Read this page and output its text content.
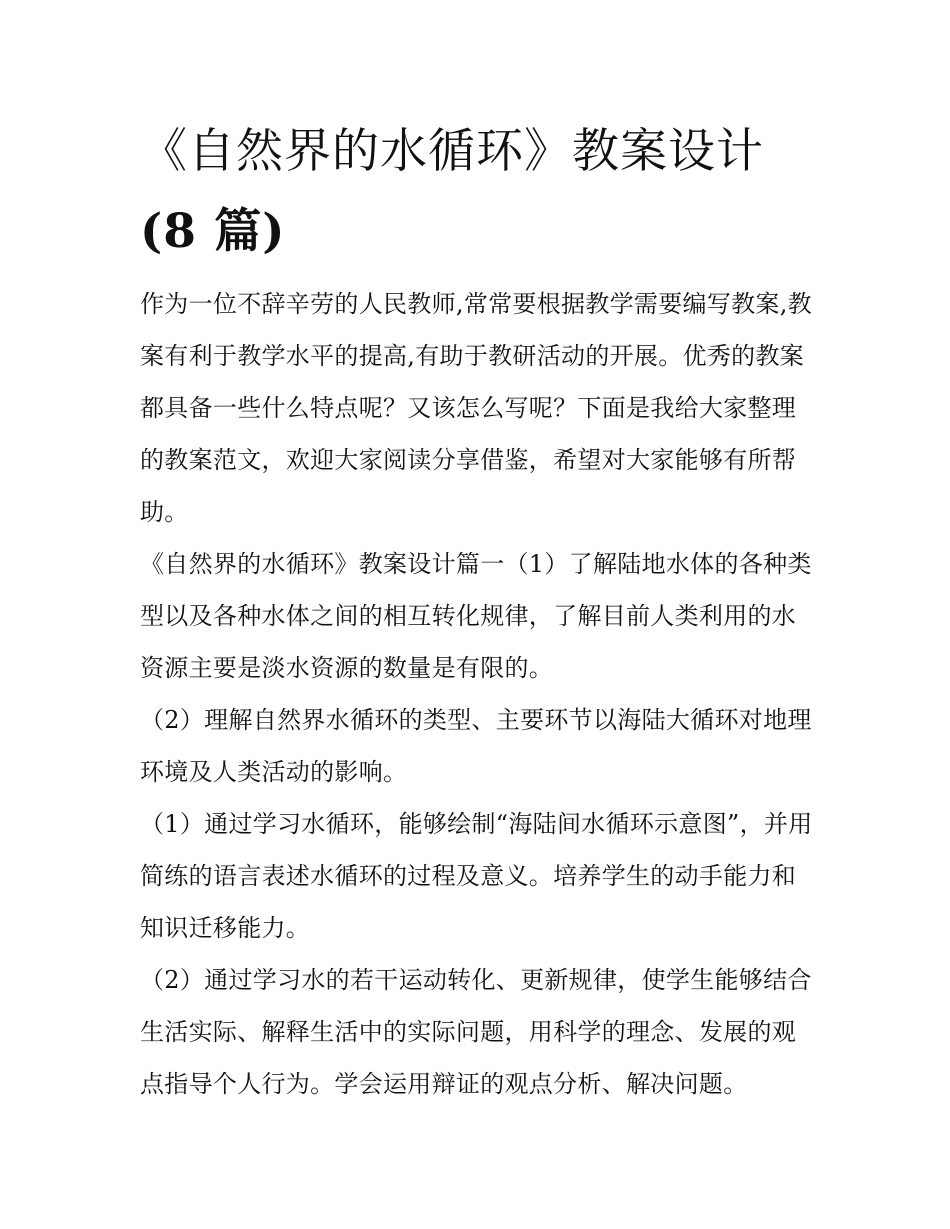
《自然界的水循环》教案设计
(8 篇)

作为一位不辞辛劳的人民教师,常常要根据教学需要编写教案,教案有利于教学水平的提高,有助于教研活动的开展。优秀的教案都具备一些什么特点呢？又该怎么写呢？下面是我给大家整理的教案范文，欢迎大家阅读分享借鉴，希望对大家能够有所帮助。

《自然界的水循环》教案设计篇一（1）了解陆地水体的各种类型以及各种水体之间的相互转化规律，了解目前人类利用的水资源主要是淡水资源的数量是有限的。

（2）理解自然界水循环的类型、主要环节以海陆大循环对地理环境及人类活动的影响。

（1）通过学习水循环，能够绘制“海陆间水循环示意图”，并用简练的语言表述水循环的过程及意义。培养学生的动手能力和知识迁移能力。

（2）通过学习水的若干运动转化、更新规律，使学生能够结合生活实际、解释生活中的实际问题，用科学的理念、发展的观点指导个人行为。学会运用辩证的观点分析、解决问题。
